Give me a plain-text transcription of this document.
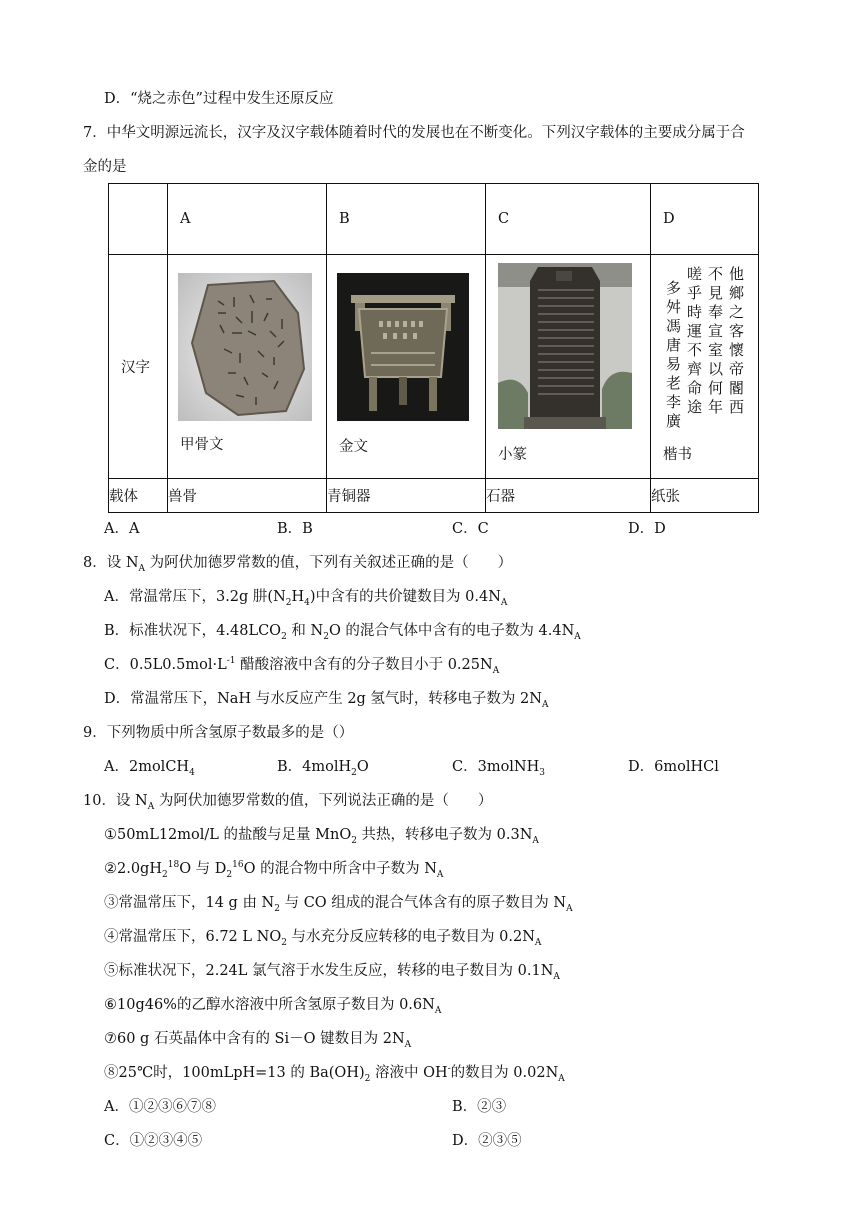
D．“烧之赤色”过程中发生还原反应
7．中华文明源远流长，汉字及汉字载体随着时代的发展也在不断变化。下列汉字载体的主要成分属于合
金的是
	A	B	C	D
汉字	甲骨文	金文	小篆	他鄉之客懷帝閽西
不見奉宣室以何年
嗟乎時運不齊命途
多舛馮唐易老李廣
楷书

载体	兽骨	青铜器	石器	纸张
A．A	B．B	C．C	D．D
8．设 $N_A$ 为阿伏加德罗常数的值，下列有关叙述正确的是（　　）
A．常温常压下，3.2g 肼$(N_2H_4)$中含有的共价键数目为 $0.4N_A$
B．标准状况下，$4.48LCO_2$ 和 $N_2O$ 的混合气体中含有的电子数为 $4.4N_A$
C．$0.5L0.5mol\cdot L^{-1}$ 醋酸溶液中含有的分子数目小于 $0.25N_A$
D．常温常压下，NaH 与水反应产生 2g 氢气时，转移电子数为 $2N_A$
9．下列物质中所含氢原子数最多的是（）
A．2molCH$_4$	B．4molH$_2$O	C．3molNH$_3$	D．6molHCl
10．设 $N_A$ 为阿伏加德罗常数的值，下列说法正确的是（　　）
①50mL12mol/L 的盐酸与足量 MnO$_2$ 共热，转移电子数为 $0.3N_A$
$②2.0gH_2^{18}O$ 与 $D_2^{16}O$ 的混合物中所含中子数为 $N_A$
③常温常压下，14 g 由 $N_2$ 与 CO 组成的混合气体含有的原子数目为 $N_A$
④常温常压下，6.72 L $NO_2$ 与水充分反应转移的电子数目为 $0.2N_A$
⑤标准状况下，2.24L 氯气溶于水发生反应，转移的电子数目为 $0.1N_A$
⑥10g46%的乙醇水溶液中所含氢原子数目为 $0.6N_A$
⑦60 g 石英晶体中含有的 Si－O 键数目为 $2N_A$
⑧25℃时，100mLpH=13 的 $Ba(OH)_2$ 溶液中 OH-的数目为 $0.02N_A$
A．①②③⑥⑦⑧	B．②③
C．①②③④⑤	D．②③⑤
